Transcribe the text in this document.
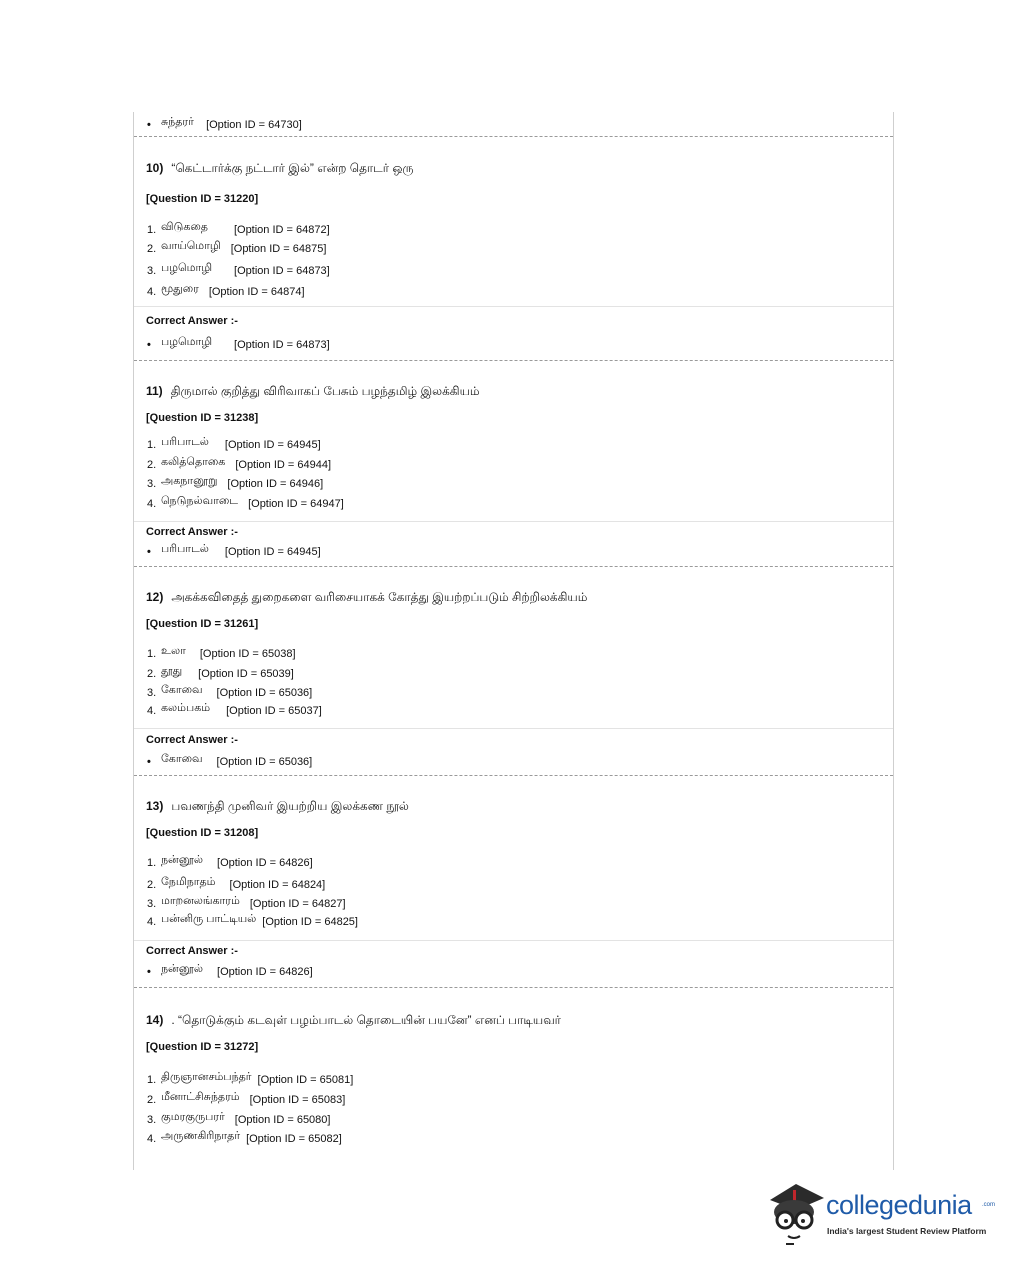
• சுந்தரர் [Option ID = 64730]
10) “கெட்டார்க்கு நட்டார் இல்” என்ற தொடர் ஒரு
[Question ID = 31220]
1. விடுகதை [Option ID = 64872]
2. வாய்மொழி [Option ID = 64875]
3. பழமொழி [Option ID = 64873]
4. மூதுரை [Option ID = 64874]
Correct Answer :-
• பழமொழி [Option ID = 64873]
11) திருமால் குறித்து விரிவாகப் பேசும் பழந்தமிழ் இலக்கியம்
[Question ID = 31238]
1. பரிபாடல் [Option ID = 64945]
2. கலித்தொகை [Option ID = 64944]
3. அகநானூறு [Option ID = 64946]
4. நெடுநல்வாடை [Option ID = 64947]
Correct Answer :-
• பரிபாடல் [Option ID = 64945]
12) அகக்கவிதைத் துறைகளை வரிசையாகக் கோத்து இயற்றப்படும் சிற்றிலக்கியம்
[Question ID = 31261]
1. உலா [Option ID = 65038]
2. தூது [Option ID = 65039]
3. கோவை [Option ID = 65036]
4. கலம்பகம் [Option ID = 65037]
Correct Answer :-
• கோவை [Option ID = 65036]
13) பவணந்தி முனிவர் இயற்றிய இலக்கண நூல்
[Question ID = 31208]
1. நன்னூல் [Option ID = 64826]
2. நேமிநாதம் [Option ID = 64824]
3. மாறனலங்காரம் [Option ID = 64827]
4. பன்னிரு பாட்டியல் [Option ID = 64825]
Correct Answer :-
• நன்னூல் [Option ID = 64826]
14) . “தொடுக்கும் கடவுள் பழம்பாடல் தொடையின் பயனே” எனப் பாடியவர்
[Question ID = 31272]
1. திருஞானசம்பந்தர் [Option ID = 65081]
2. மீனாட்சிசுந்தரம் [Option ID = 65083]
3. குமரகுருபரர் [Option ID = 65080]
4. அருணகிரிநாதர் [Option ID = 65082]
collegedunia .com
India's largest Student Review Platform
